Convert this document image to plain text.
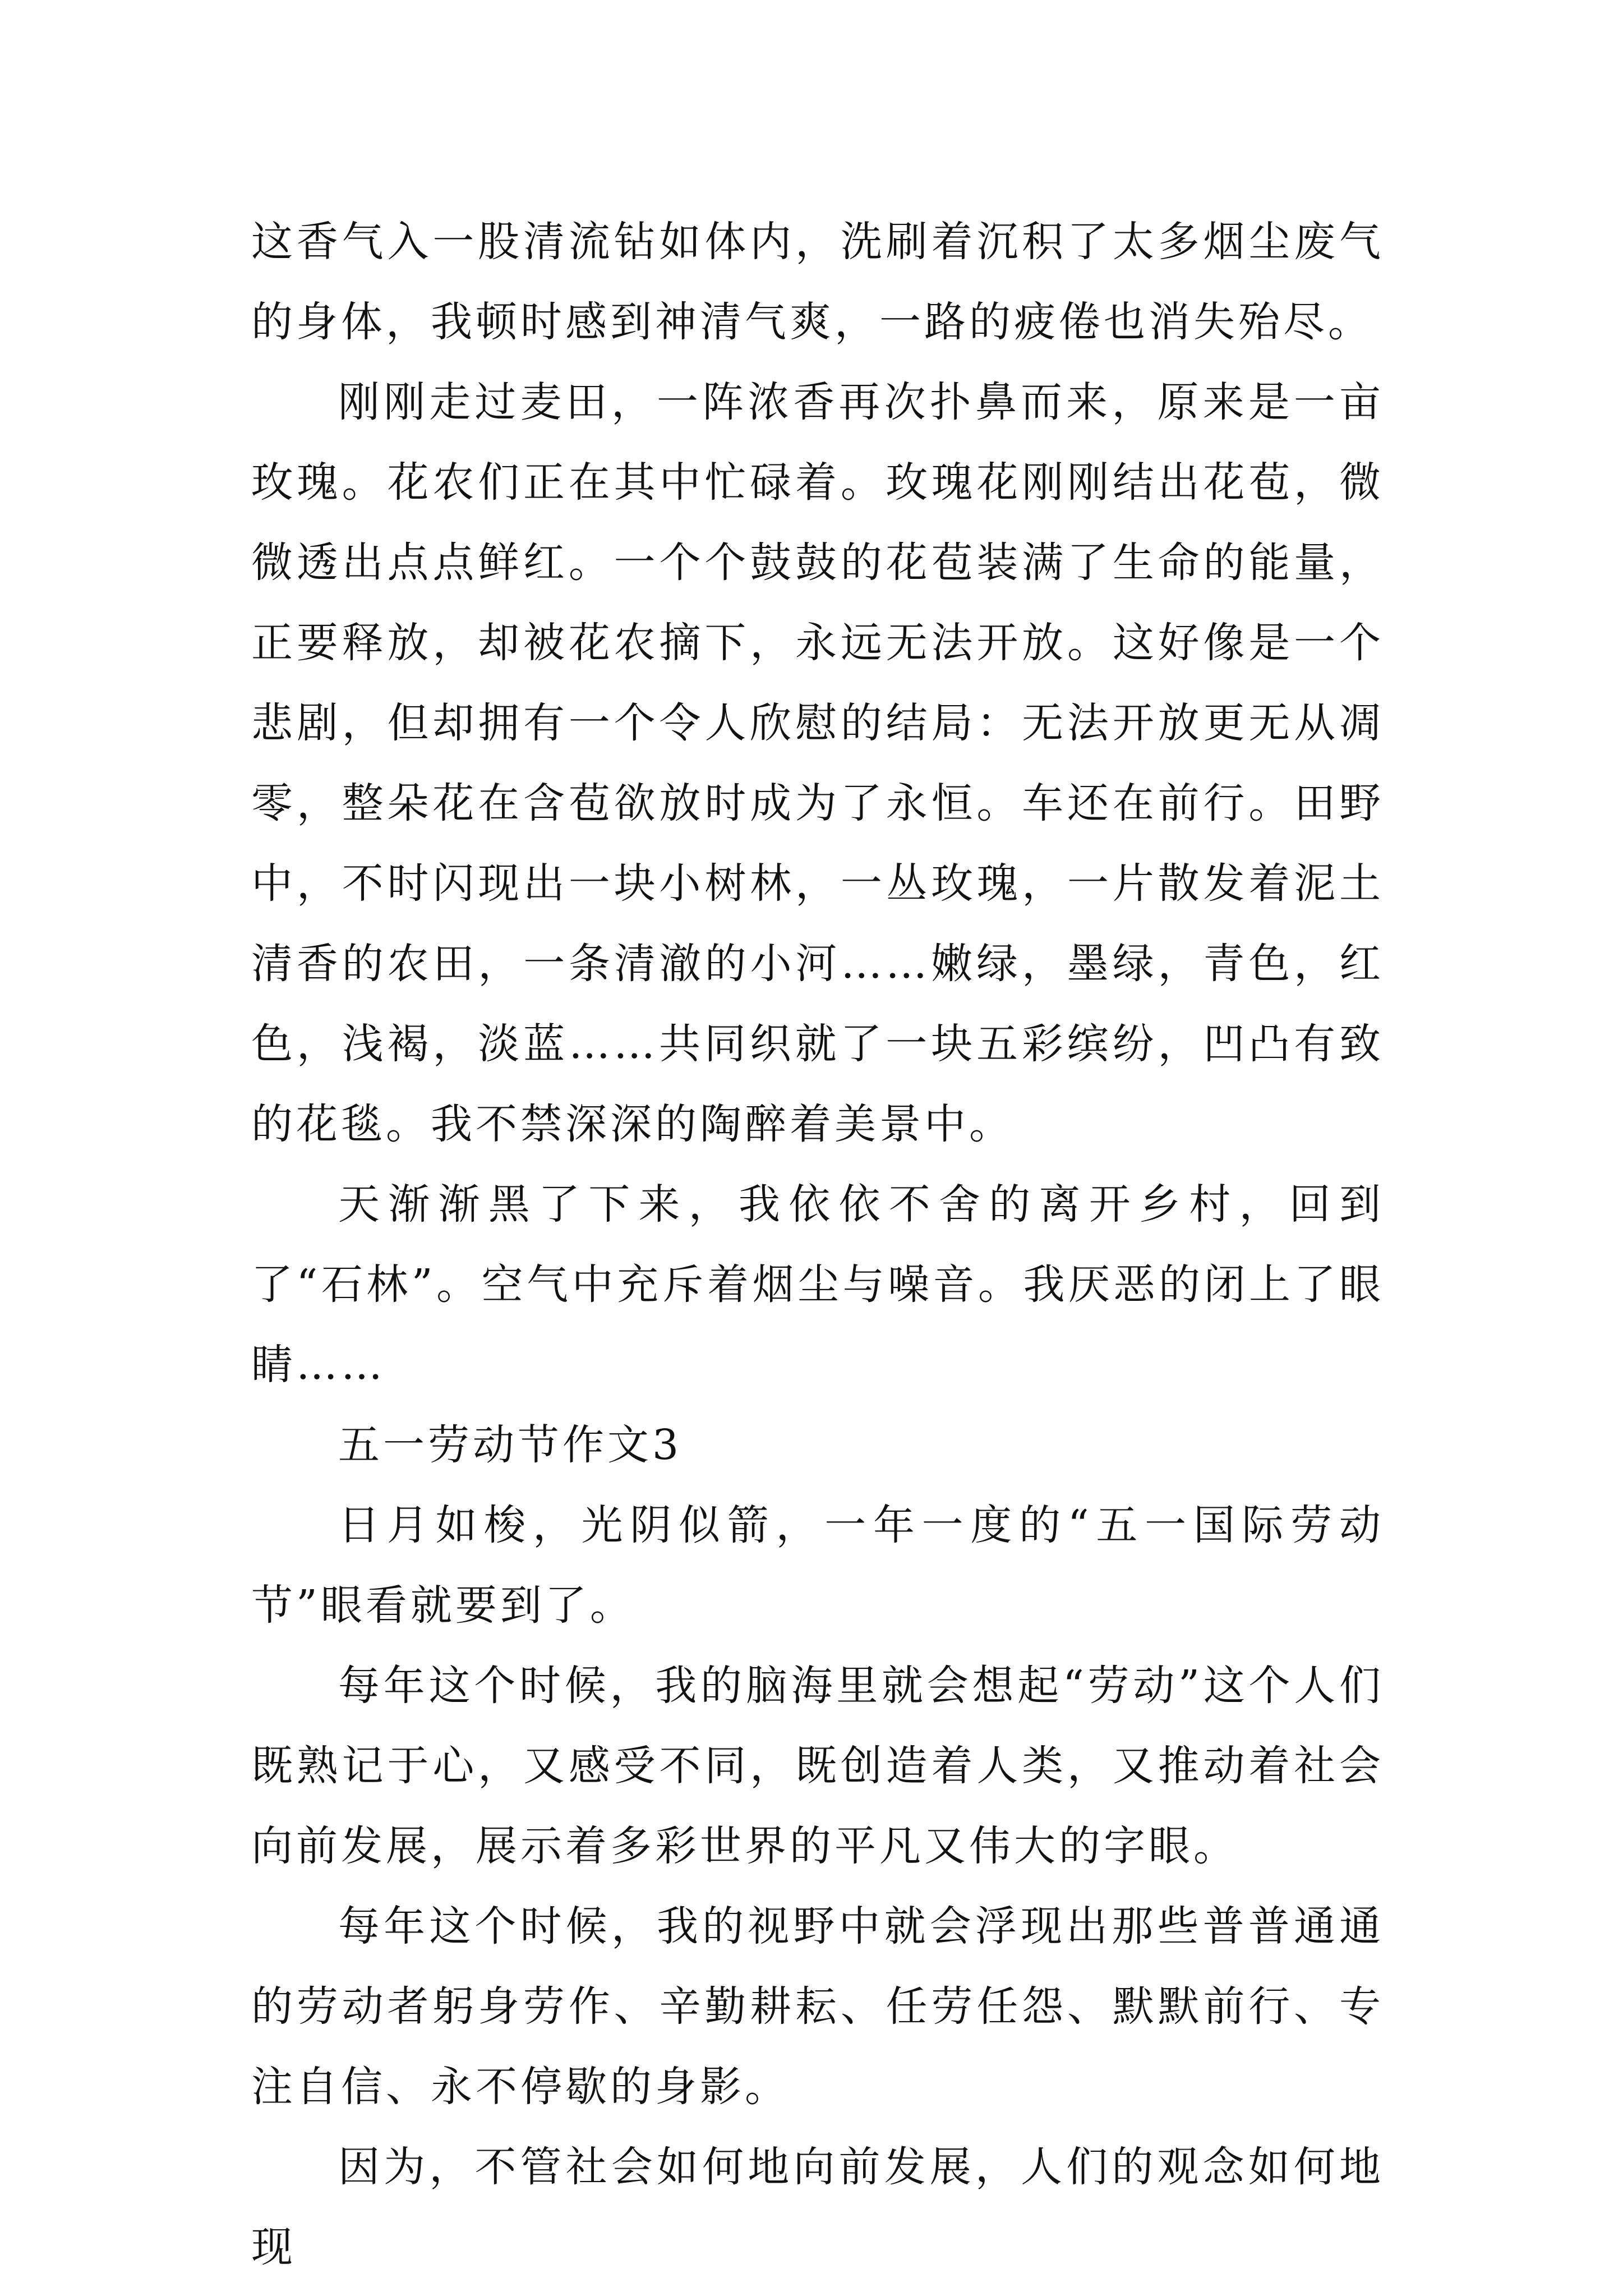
这香气入一股清流钻如体内，洗刷着沉积了太多烟尘废气的身体，我顿时感到神清气爽，一路的疲倦也消失殆尽。

刚刚走过麦田，一阵浓香再次扑鼻而来，原来是一亩玫瑰。花农们正在其中忙碌着。玫瑰花刚刚结出花苞，微微透出点点鲜红。一个个鼓鼓的花苞装满了生命的能量，正要释放，却被花农摘下，永远无法开放。这好像是一个悲剧，但却拥有一个令人欣慰的结局：无法开放更无从凋零，整朵花在含苞欲放时成为了永恒。车还在前行。田野中，不时闪现出一块小树林，一丛玫瑰，一片散发着泥土清香的农田，一条清澈的小河……嫩绿，墨绿，青色，红色，浅褐，淡蓝……共同织就了一块五彩缤纷，凹凸有致的花毯。我不禁深深的陶醉着美景中。

天渐渐黑了下来，我依依不舍的离开乡村，回到了“石林”。空气中充斥着烟尘与噪音。我厌恶的闭上了眼睛……

五一劳动节作文3

日月如梭，光阴似箭，一年一度的“五一国际劳动节”眼看就要到了。

每年这个时候，我的脑海里就会想起“劳动”这个人们既熟记于心，又感受不同，既创造着人类，又推动着社会向前发展，展示着多彩世界的平凡又伟大的字眼。

每年这个时候，我的视野中就会浮现出那些普普通通的劳动者躬身劳作、辛勤耕耘、任劳任怨、默默前行、专注自信、永不停歇的身影。

因为，不管社会如何地向前发展，人们的观念如何地现
